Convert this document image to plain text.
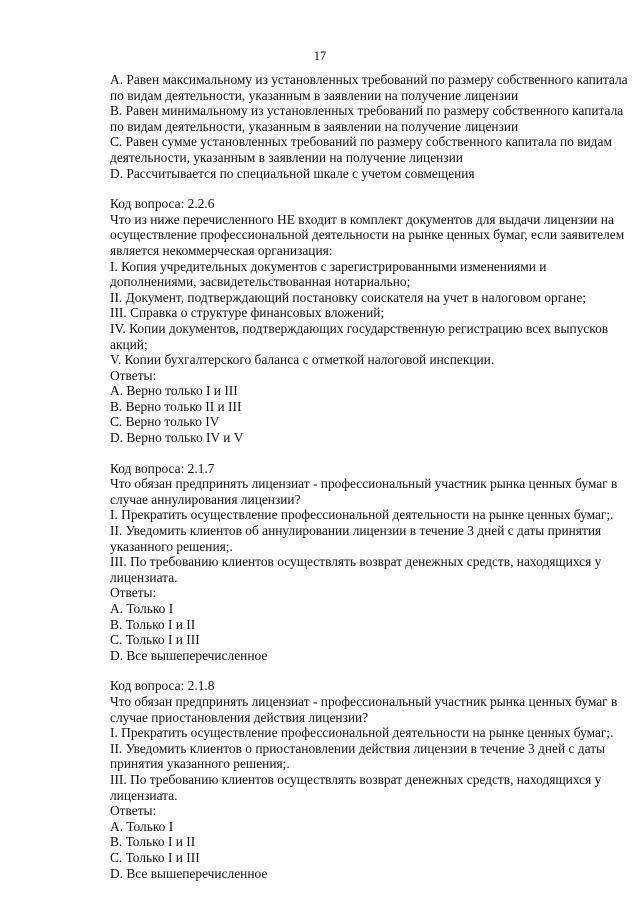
17
A. Равен максимальному из установленных требований по размеру собственного капитала
по видам деятельности, указанным в заявлении на получение лицензии
B. Равен минимальному из установленных требований по размеру собственного капитала
по видам деятельности, указанным в заявлении на получение лицензии
C. Равен сумме установленных требований по размеру собственного капитала по видам
деятельности, указанным в заявлении на получение лицензии
D. Рассчитывается по специальной шкале с учетом совмещения
Код вопроса: 2.2.6
Что из ниже перечисленного НЕ входит в комплект документов для выдачи лицензии на
осуществление профессиональной деятельности на рынке ценных бумаг, если заявителем
является некоммерческая организация:
I. Копия учредительных документов с зарегистрированными изменениями и
дополнениями, засвидетельствованная нотариально;
II. Документ, подтверждающий постановку соискателя на учет в налоговом органе;
III. Справка о структуре финансовых вложений;
IV. Копии документов, подтверждающих государственную регистрацию всех выпусков
акций;
V. Копии бухгалтерского баланса с отметкой налоговой инспекции.
Ответы:
A. Верно только I и III
B. Верно только II и III
C. Верно только IV
D. Верно только IV и V
Код вопроса: 2.1.7
Что обязан предпринять лицензиат - профессиональный участник рынка ценных бумаг в
случае аннулирования лицензии?
I. Прекратить осуществление профессиональной деятельности на рынке ценных бумаг;.
II. Уведомить клиентов об аннулировании лицензии в течение 3 дней с даты принятия
указанного решения;.
III. По требованию клиентов осуществлять возврат денежных средств, находящихся у
лицензиата.
Ответы:
A. Только I
B. Только I и II
C. Только I и III
D. Все вышеперечисленное
Код вопроса: 2.1.8
Что обязан предпринять лицензиат - профессиональный участник рынка ценных бумаг в
случае приостановления действия лицензии?
I. Прекратить осуществление профессиональной деятельности на рынке ценных бумаг;.
II. Уведомить клиентов о приостановлении действия лицензии в течение 3 дней с даты
принятия указанного решения;.
III. По требованию клиентов осуществлять возврат денежных средств, находящихся у
лицензиата.
Ответы:
A. Только I
B. Только I и II
C. Только I и III
D. Все вышеперечисленное
